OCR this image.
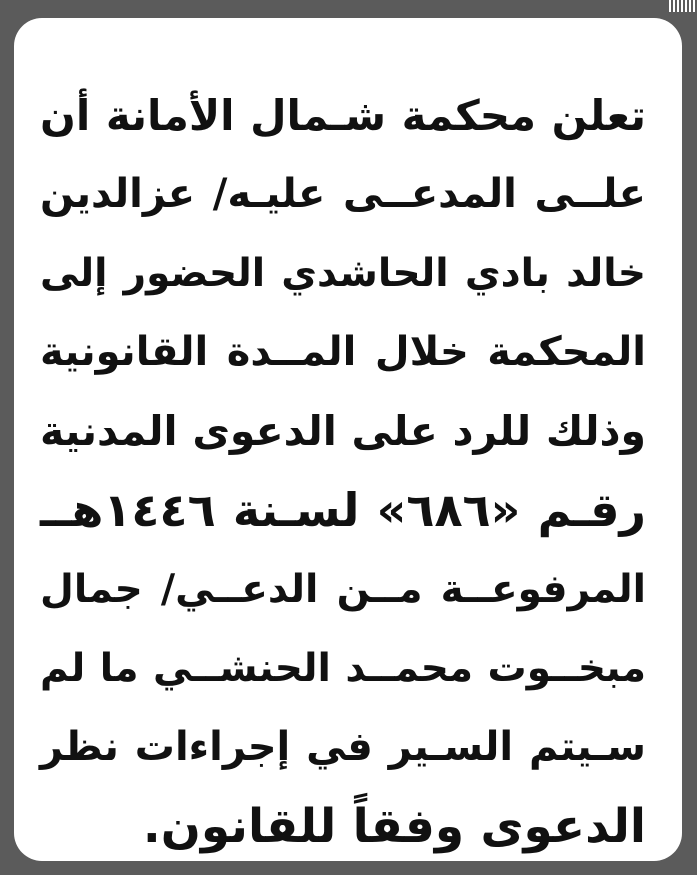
تعلن محكمة شـمال الأمانة أن
علــى المدعــى عليـه/ عزالدين
خالد بادي الحاشدي الحضور إلى
المحكمة خلال المــدة القانونية
وذلك للرد على الدعوى المدنية
رقـم «٦٨٦» لسـنة ١٤٤٦هــ
المرفوعــة مــن الدعــي/ جمال
مبخــوت محمــد الحنشــي ما لم
سـيتم السـير في إجراءات نظر
الدعوى وفقاً للقانون.
